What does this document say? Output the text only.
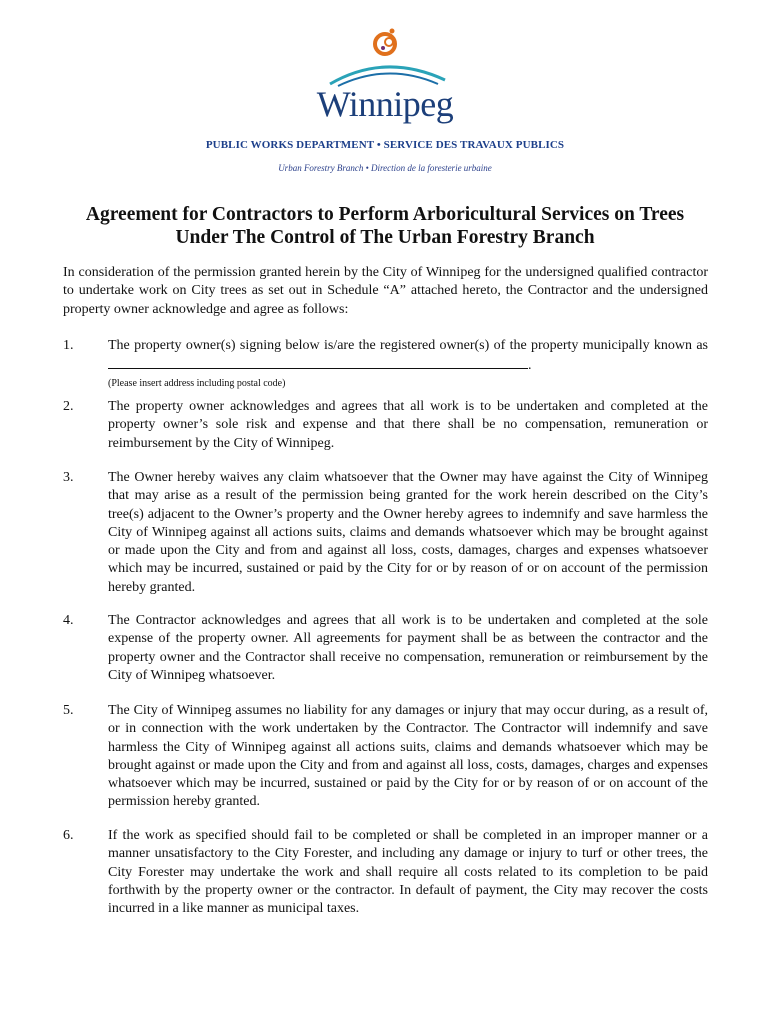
Winnipeg
PUBLIC WORKS DEPARTMENT • SERVICE DES TRAVAUX PUBLICS
Urban Forestry Branch • Direction de la foresterie urbaine
Agreement for Contractors to Perform Arboricultural Services on Trees
Under The Control of The Urban Forestry Branch
In consideration of the permission granted herein by the City of Winnipeg for the undersigned qualified contractor to undertake work on City trees as set out in Schedule “A” attached hereto, the Contractor and the undersigned property owner acknowledge and agree as follows:
1.	The property owner(s) signing below is/are the registered owner(s) of the property municipally known as .
(Please insert address including postal code)
2.	The property owner acknowledges and agrees that all work is to be undertaken and completed at the property owner’s sole risk and expense and that there shall be no compensation, remuneration or reimbursement by the City of Winnipeg.
3.	The Owner hereby waives any claim whatsoever that the Owner may have against the City of Winnipeg that may arise as a result of the permission being granted for the work herein described on the City’s tree(s) adjacent to the Owner’s property and the Owner hereby agrees to indemnify and save harmless the City of Winnipeg against all actions suits, claims and demands whatsoever which may be brought against or made upon the City and from and against all loss, costs, damages, charges and expenses whatsoever which may be incurred, sustained or paid by the City for or by reason of or on account of the permission hereby granted.
4.	The Contractor acknowledges and agrees that all work is to be undertaken and completed at the sole expense of the property owner. All agreements for payment shall be as between the contractor and the property owner and the Contractor shall receive no compensation, remuneration or reimbursement by the City of Winnipeg whatsoever.
5.	The City of Winnipeg assumes no liability for any damages or injury that may occur during, as a result of, or in connection with the work undertaken by the Contractor. The Contractor will indemnify and save harmless the City of Winnipeg against all actions suits, claims and demands whatsoever which may be brought against or made upon the City and from and against all loss, costs, damages, charges and expenses whatsoever which may be incurred, sustained or paid by the City for or by reason of or on account of the permission hereby granted.
6.	If the work as specified should fail to be completed or shall be completed in an improper manner or a manner unsatisfactory to the City Forester, and including any damage or injury to turf or other trees, the City Forester may undertake the work and shall require all costs related to its completion to be paid forthwith by the property owner or the contractor. In default of payment, the City may recover the costs incurred in a like manner as municipal taxes.
